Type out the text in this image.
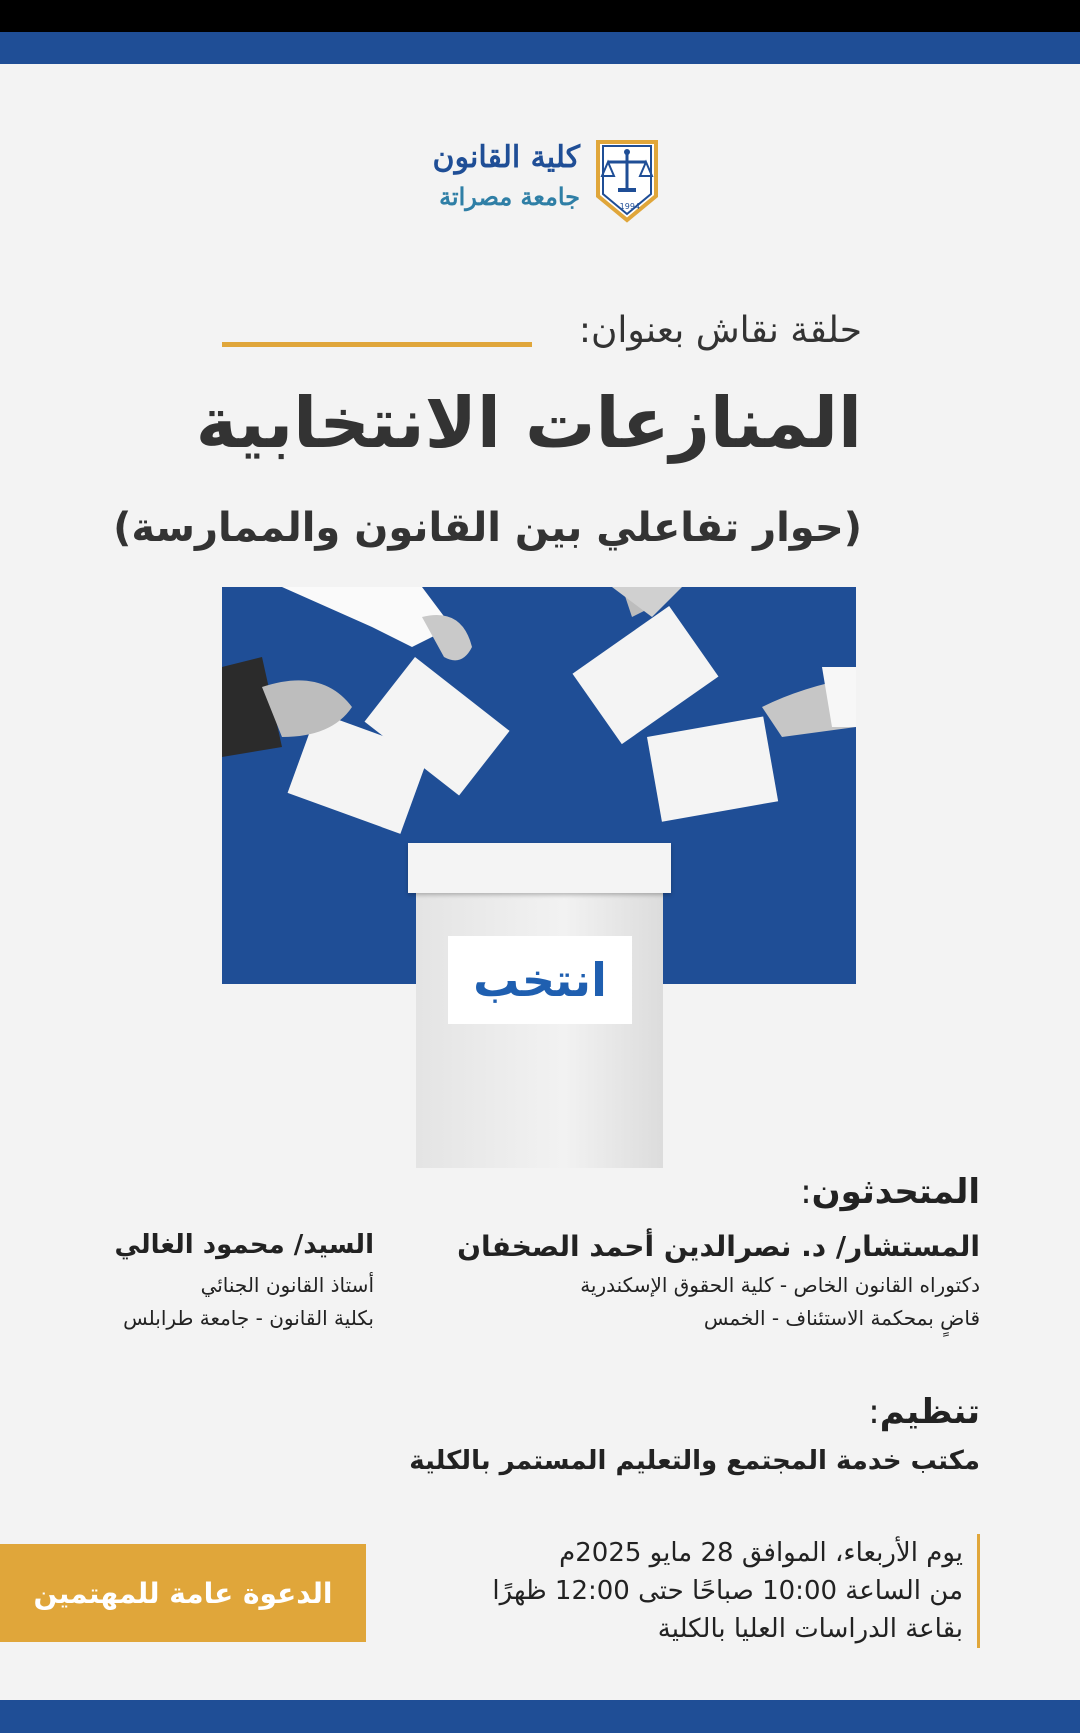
كلية القانون
جامعة مصراتة	1994
حلقة نقاش بعنوان:
المنازعات الانتخابية
(حوار تفاعلي بين القانون والممارسة)
انتخب
المتحدثون:
المستشار/ د. نصرالدين أحمد الصخفان
دكتوراه القانون الخاص - كلية الحقوق الإسكندرية
قاضٍ بمحكمة الاستئناف - الخمس
السيد/ محمود الغالي
أستاذ القانون الجنائي
بكلية القانون - جامعة طرابلس
تنظيم:
مكتب خدمة المجتمع والتعليم المستمر بالكلية
يوم الأربعاء، الموافق 28 مايو 2025م
من الساعة 10:00 صباحًا حتى 12:00 ظهرًا
بقاعة الدراسات العليا بالكلية
الدعوة عامة للمهتمين
